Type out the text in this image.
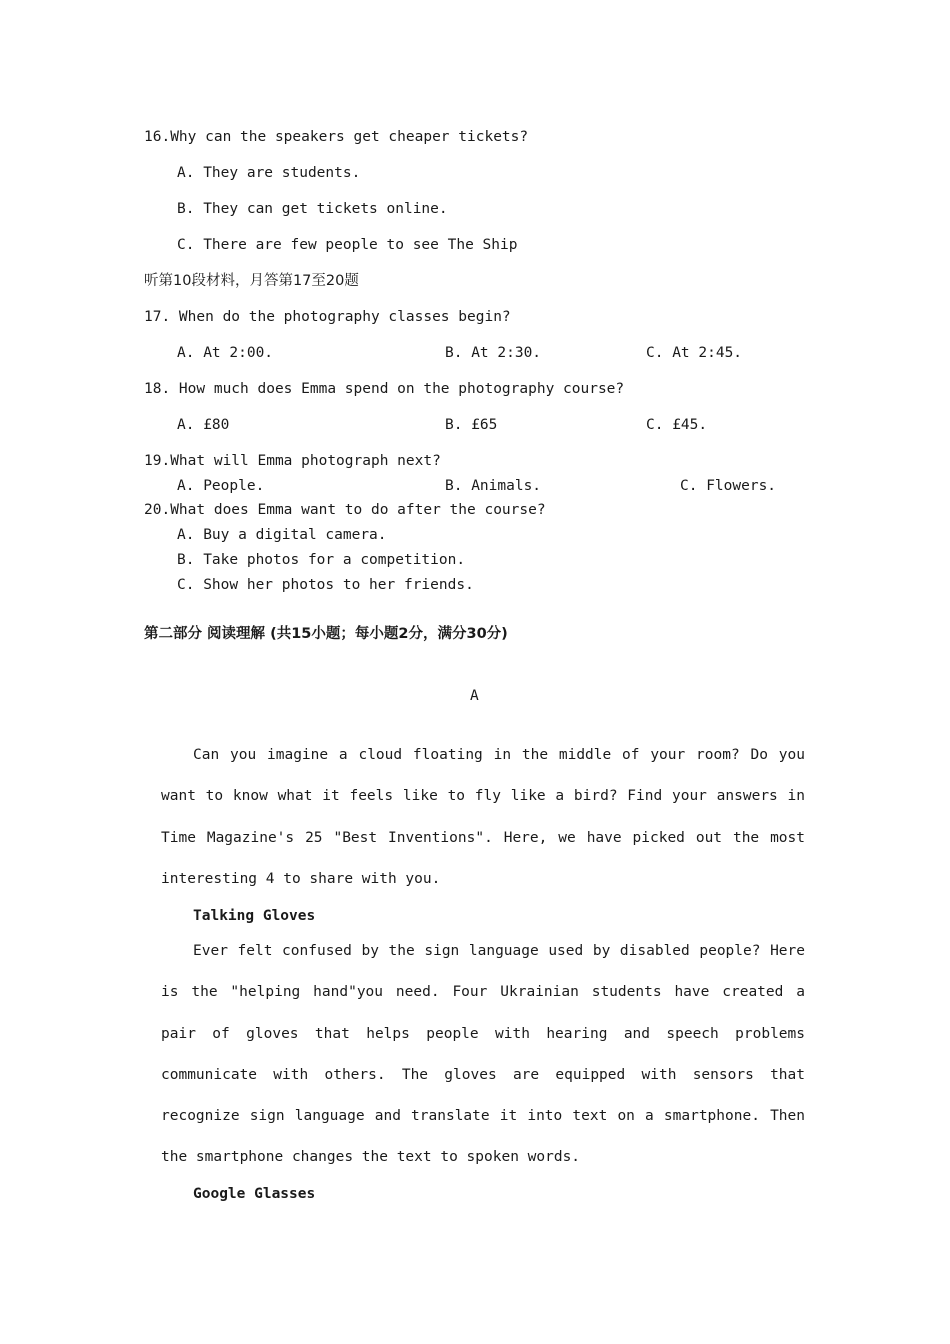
16.Why can the speakers get cheaper tickets?
A. They are students.
B. They can get tickets online.
C. There are few people to see The Ship
听第10段材料，月答第17至20题
17. When do the photography classes begin?
A. At 2:00.	B. At 2:30.	C. At 2:45.
18. How much does Emma spend on the photography course?
A. £80	B. £65	C. £45.
19.What will Emma photograph next?
A. People.	B. Animals.	C. Flowers.
20.What does Emma want to do after the course?
A. Buy a digital camera.
B. Take photos for a competition.
C. Show her photos to her friends.
第二部分 阅读理解 (共15小题；每小题2分，满分30分)
A

Can you imagine a cloud floating in the middle of your room? Do you want to know what it feels like to fly like a bird? Find your answers in Time Magazine's 25 "Best Inventions". Here, we have picked out the most interesting 4 to share with you.

Talking Gloves

Ever felt confused by the sign language used by disabled people? Here is the "helping hand"you need. Four Ukrainian students have created a pair of gloves that helps people with hearing and speech problems communicate with others. The gloves are equipped with sensors that recognize sign language and translate it into text on a smartphone. Then the smartphone changes the text to spoken words.

Google Glasses
